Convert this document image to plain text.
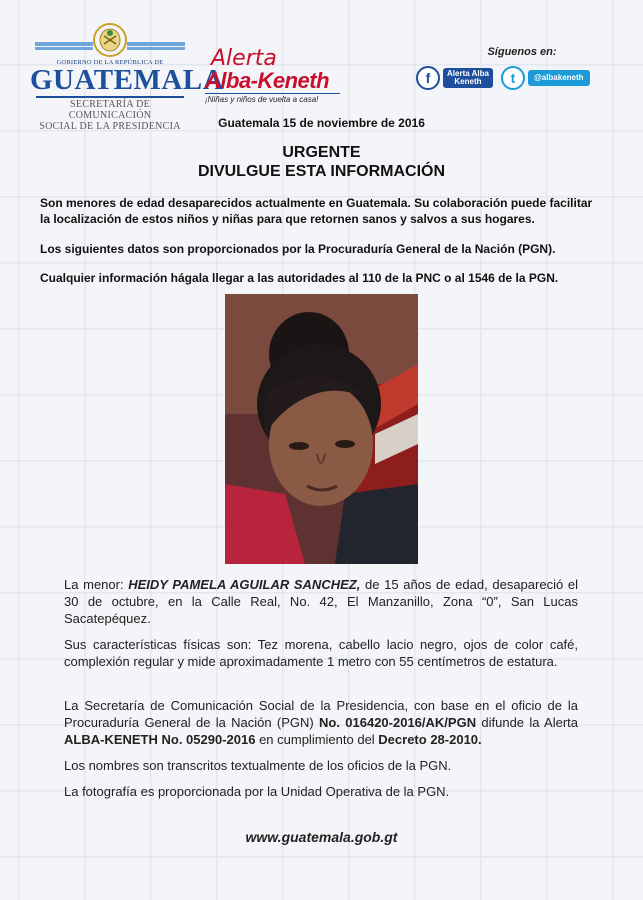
GOBIERNO DE LA REPÚBLICA DE
GUATEMALA
SECRETARÍA DE COMUNICACIÓN
SOCIAL DE LA PRESIDENCIA
Alerta
Alba-Keneth
¡Niñas y niños de vuelta a casa!
Síguenos en:
f	Alerta Alba
Keneth	t	@albakeneth
Guatemala 15 de noviembre de 2016
URGENTE
DIVULGUE ESTA INFORMACIÓN

Son menores de edad desaparecidos actualmente en Guatemala. Su colaboración puede facilitar la localización de estos niños y niñas para que retornen sanos y salvos a sus hogares.

Los siguientes datos son proporcionados por la Procuraduría General de la Nación (PGN).

Cualquier información hágala llegar a las autoridades al 110 de la PNC o al 1546 de la PGN.

La menor: HEIDY PAMELA AGUILAR SANCHEZ, de 15 años de edad, desapareció el 30 de octubre, en la Calle Real, No. 42, El Manzanillo, Zona “0”, San Lucas Sacatepéquez.

Sus características físicas son: Tez morena, cabello lacio negro, ojos de color café, complexión regular y mide aproximadamente 1 metro con 55 centímetros de estatura.

La Secretaría de Comunicación Social de la Presidencia, con base en el oficio de la Procuraduría General de la Nación (PGN) No. 016420-2016/AK/PGN difunde la Alerta ALBA-KENETH No. 05290-2016 en cumplimiento del Decreto 28-2010.

Los nombres son transcritos textualmente de los oficios de la PGN.

La fotografía es proporcionada por la Unidad Operativa de la PGN.

www.guatemala.gob.gt
